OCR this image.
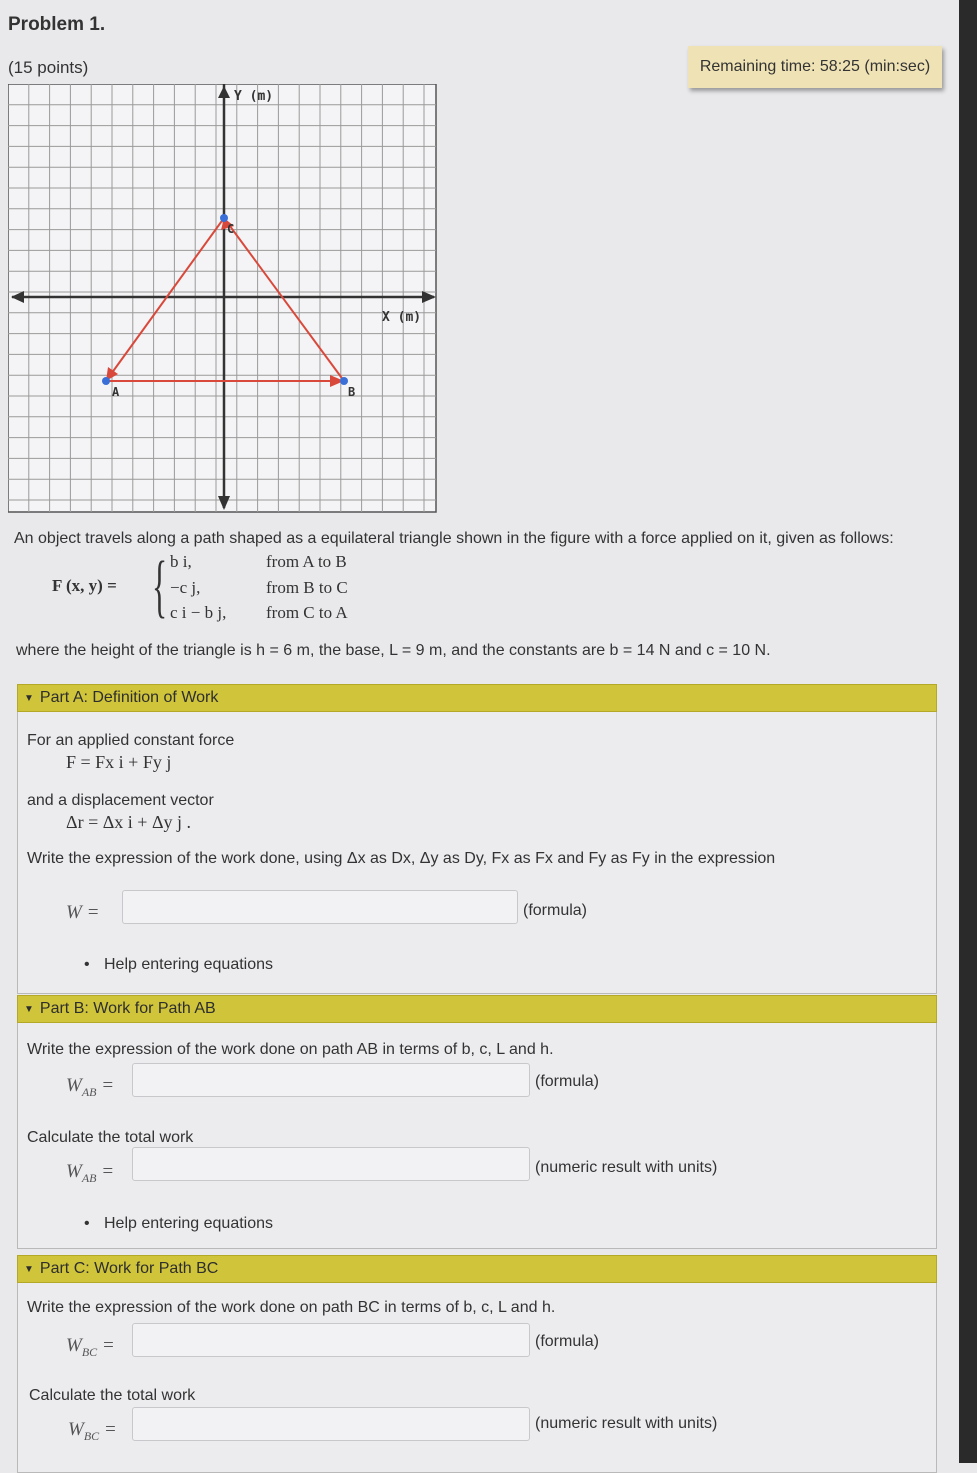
Problem 1.
(15 points)	Remaining time: 58:25 (min:sec)
Y (m)
X (m)
A	B
C
An object travels along a path shaped as a equilateral triangle shown in the figure with a force applied on it, given as follows:
F (x, y) = { b i,	from A to B
−c j,	from B to C
c i − b j, from C to A
where the height of the triangle is h = 6 m, the base, L = 9 m, and the constants are b = 14 N and c = 10 N.
▼ Part A: Definition of Work
For an applied constant force
F = Fx i + Fy j
and a displacement vector
Δr = Δx i + Δy j .
Write the expression of the work done, using Δx as Dx, Δy as Dy, Fx as Fx and Fy as Fy in the expression
W =	(formula)
• Help entering equations
▼ Part B: Work for Path AB
Write the expression of the work done on path AB in terms of b, c, L and h.
$W_{AB}$ =	(formula)
Calculate the total work
$W_{AB}$ =	(numeric result with units)
• Help entering equations
▼ Part C: Work for Path BC
Write the expression of the work done on path BC in terms of b, c, L and h.
$W_{BC}$ =	(formula)
Calculate the total work
$W_{BC}$ =	(numeric result with units)
